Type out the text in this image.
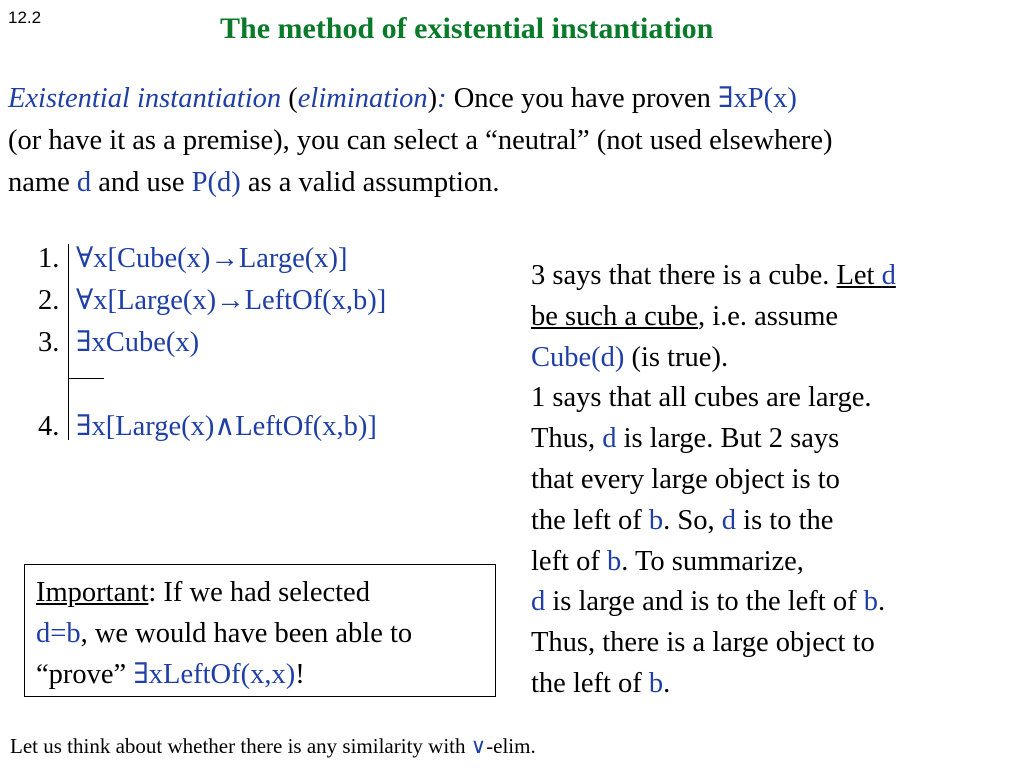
12.2	The method of existential instantiation
Existential instantiation (elimination): Once you have proven ∃xP(x)
(or have it as a premise), you can select a “neutral” (not used elsewhere)
name d and use P(d) as a valid assumption.
1.
2.
3.
4.
∀x[Cube(x)→Large(x)]
∀x[Large(x)→LeftOf(x,b)]
∃xCube(x)
∃x[Large(x)∧LeftOf(x,b)]
3 says that there is a cube. Let d
be such a cube, i.e. assume
Cube(d) (is true).
1 says that all cubes are large.
Thus, d is large. But 2 says
that every large object is to
the left of b. So, d is to the
left of b. To summarize,
d is large and is to the left of b.
Thus, there is a large object to
the left of b.
Important: If we had selected
d=b, we would have been able to
“prove” ∃xLeftOf(x,x)!
Let us think about whether there is any similarity with ∨-elim.
